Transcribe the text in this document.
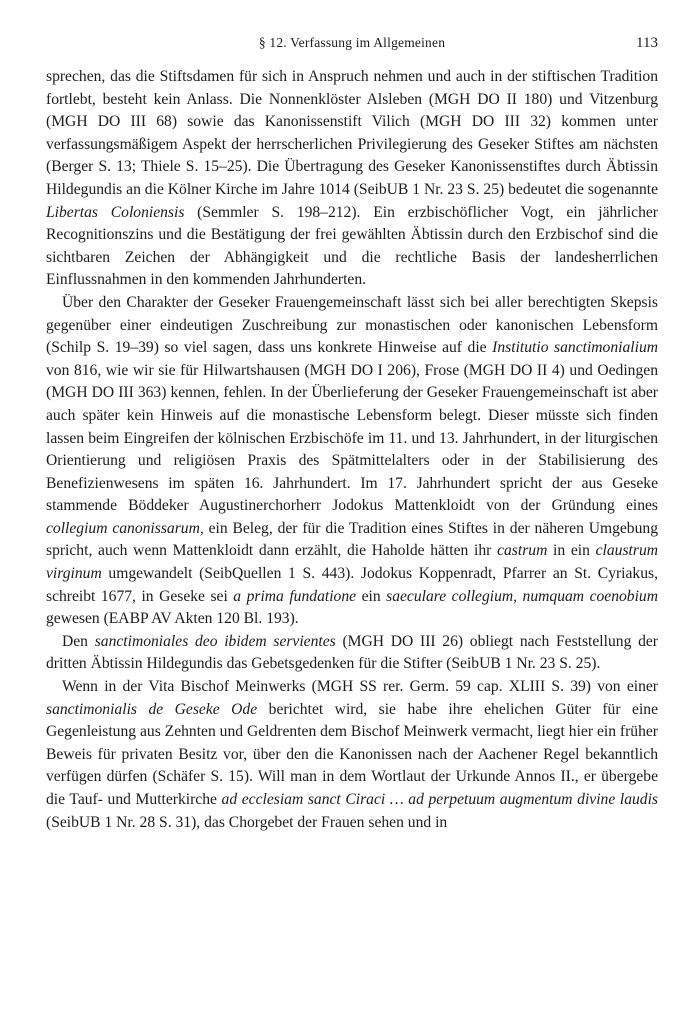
§ 12. Verfassung im Allgemeinen	113

sprechen, das die Stiftsdamen für sich in Anspruch nehmen und auch in der stiftischen Tradition fortlebt, besteht kein Anlass. Die Nonnenklöster Alsleben (MGH DO II 180) und Vitzenburg (MGH DO III 68) sowie das Kanonissenstift Vilich (MGH DO III 32) kommen unter verfassungsmäßigem Aspekt der herrscherlichen Privilegierung des Geseker Stiftes am nächsten (Berger S. 13; Thiele S. 15–25). Die Übertragung des Geseker Kanonissenstiftes durch Äbtissin Hildegundis an die Kölner Kirche im Jahre 1014 (SeibUB 1 Nr. 23 S. 25) bedeutet die sogenannte Libertas Coloniensis (Semmler S. 198–212). Ein erzbischöflicher Vogt, ein jährlicher Recognitionszins und die Bestätigung der frei gewählten Äbtissin durch den Erzbischof sind die sichtbaren Zeichen der Abhängigkeit und die rechtliche Basis der landesherrlichen Einflussnahmen in den kommenden Jahrhunderten.

Über den Charakter der Geseker Frauengemeinschaft lässt sich bei aller berechtigten Skepsis gegenüber einer eindeutigen Zuschreibung zur monastischen oder kanonischen Lebensform (Schilp S. 19–39) so viel sagen, dass uns konkrete Hinweise auf die Institutio sanctimonialium von 816, wie wir sie für Hilwartshausen (MGH DO I 206), Frose (MGH DO II 4) und Oedingen (MGH DO III 363) kennen, fehlen. In der Überlieferung der Geseker Frauengemeinschaft ist aber auch später kein Hinweis auf die monastische Lebensform belegt. Dieser müsste sich finden lassen beim Eingreifen der kölnischen Erzbischöfe im 11. und 13. Jahrhundert, in der liturgischen Orientierung und religiösen Praxis des Spätmittelalters oder in der Stabilisierung des Benefizienwesens im späten 16. Jahrhundert. Im 17. Jahrhundert spricht der aus Geseke stammende Böddeker Augustinerchorherr Jodokus Mattenkloidt von der Gründung eines collegium canonissarum, ein Beleg, der für die Tradition eines Stiftes in der näheren Umgebung spricht, auch wenn Mattenkloidt dann erzählt, die Haholde hätten ihr castrum in ein claustrum virginum umgewandelt (SeibQuellen 1 S. 443). Jodokus Koppenradt, Pfarrer an St. Cyriakus, schreibt 1677, in Geseke sei a prima fundatione ein saeculare collegium, numquam coenobium gewesen (EABP AV Akten 120 Bl. 193).

Den sanctimoniales deo ibidem servientes (MGH DO III 26) obliegt nach Feststellung der dritten Äbtissin Hildegundis das Gebetsgedenken für die Stifter (SeibUB 1 Nr. 23 S. 25).

Wenn in der Vita Bischof Meinwerks (MGH SS rer. Germ. 59 cap. XLIII S. 39) von einer sanctimonialis de Geseke Ode berichtet wird, sie habe ihre ehelichen Güter für eine Gegenleistung aus Zehnten und Geldrenten dem Bischof Meinwerk vermacht, liegt hier ein früher Beweis für privaten Besitz vor, über den die Kanonissen nach der Aachener Regel bekanntlich verfügen dürfen (Schäfer S. 15). Will man in dem Wortlaut der Urkunde Annos II., er übergebe die Tauf- und Mutterkirche ad ecclesiam sanct Ciraci … ad perpetuum augmentum divine laudis (SeibUB 1 Nr. 28 S. 31), das Chorgebet der Frauen sehen und in
